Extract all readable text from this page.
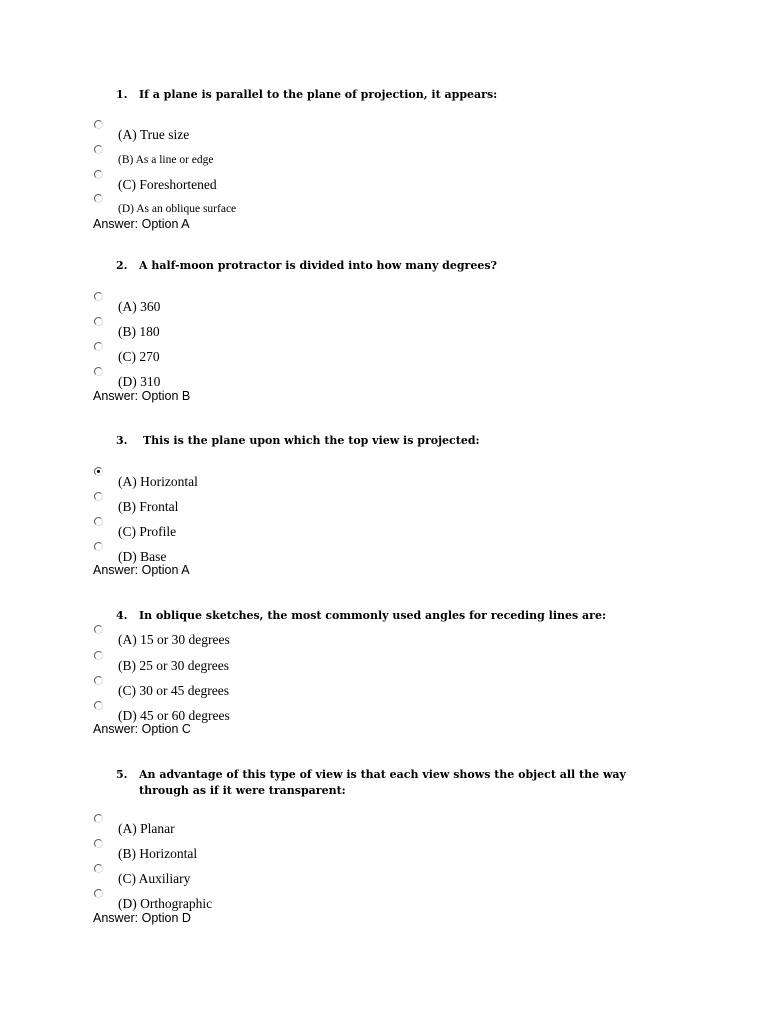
1. If a plane is parallel to the plane of projection, it appears:
(A) True size
(B) As a line or edge
(C) Foreshortened
(D) As an oblique surface
Answer: Option A
2. A half-moon protractor is divided into how many degrees?
(A) 360
(B) 180
(C) 270
(D) 310
Answer: Option B
3. This is the plane upon which the top view is projected:
(A) Horizontal
(B) Frontal
(C) Profile
(D) Base
Answer: Option A
4. In oblique sketches, the most commonly used angles for receding lines are:
(A) 15 or 30 degrees
(B) 25 or 30 degrees
(C) 30 or 45 degrees
(D) 45 or 60 degrees
Answer: Option C
5. An advantage of this type of view is that each view shows the object all the way through as if it were transparent:
(A) Planar
(B) Horizontal
(C) Auxiliary
(D) Orthographic
Answer: Option D
